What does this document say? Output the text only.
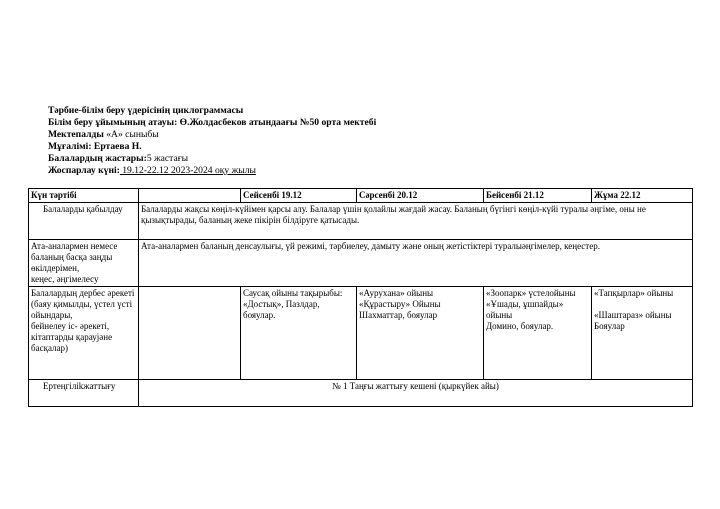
Тәрбие-білім беру үдерісінің циклограммасы
Білім беру ұйымының атауы: Ө.Жолдасбеков атындаағы №50 орта мектебі
Мектепалды «А» сыныбы
Мұғалімі: Ертаева Н.
Балалардың жастары:5 жастағы
Жоспарлау күні: 19.12-22.12 2023-2024 оқу жылы
Күн тәртібі		Сейсенбі 19.12	Сәрсенбі 20.12	Бейсенбі 21.12	Жұма 22.12
Балаларды қабылдау	Балаларды жақсы көңіл-күйімен қарсы алу. Балалар үшін қолайлы жағдай жасау. Баланың бүгінгі көңіл-күйі туралы әңгіме, оны не қызықтырады, баланың жеке пікірін білдіруге қатысады.				
Ата-аналармен немесе баланың басқа заңды өкілдерімен,
кеңес, әңгімелесу	Ата-аналармен баланың денсаулығы, үй режимі, тәрбиелеу, дамыту және оның жетістіктері туралыәңгімелер, кеңестер.				
Балалардың дербес әрекеті (баяу қимылды, үстел үсті ойындары,
бейнелеу іс- әрекеті, кітаптарды қарауjәне басқалар)		Саусақ ойыны тақырыбы: «Достық», Пазлдар, бояулар.	«Аурухана» ойыны
«Құрастыру» Ойыны Шахматтар, бояулар	«Зоопарк» үстелойыны
«Ұшады, ұшпайды» ойыны
Домино, бояулар.	«Тапқырлар» ойыны

«Шаштараз» ойыны Бояулар
Ертеңгіліkжаттығу	№ 1 Таңғы жаттығу кешені (қыркүйек айы)				
